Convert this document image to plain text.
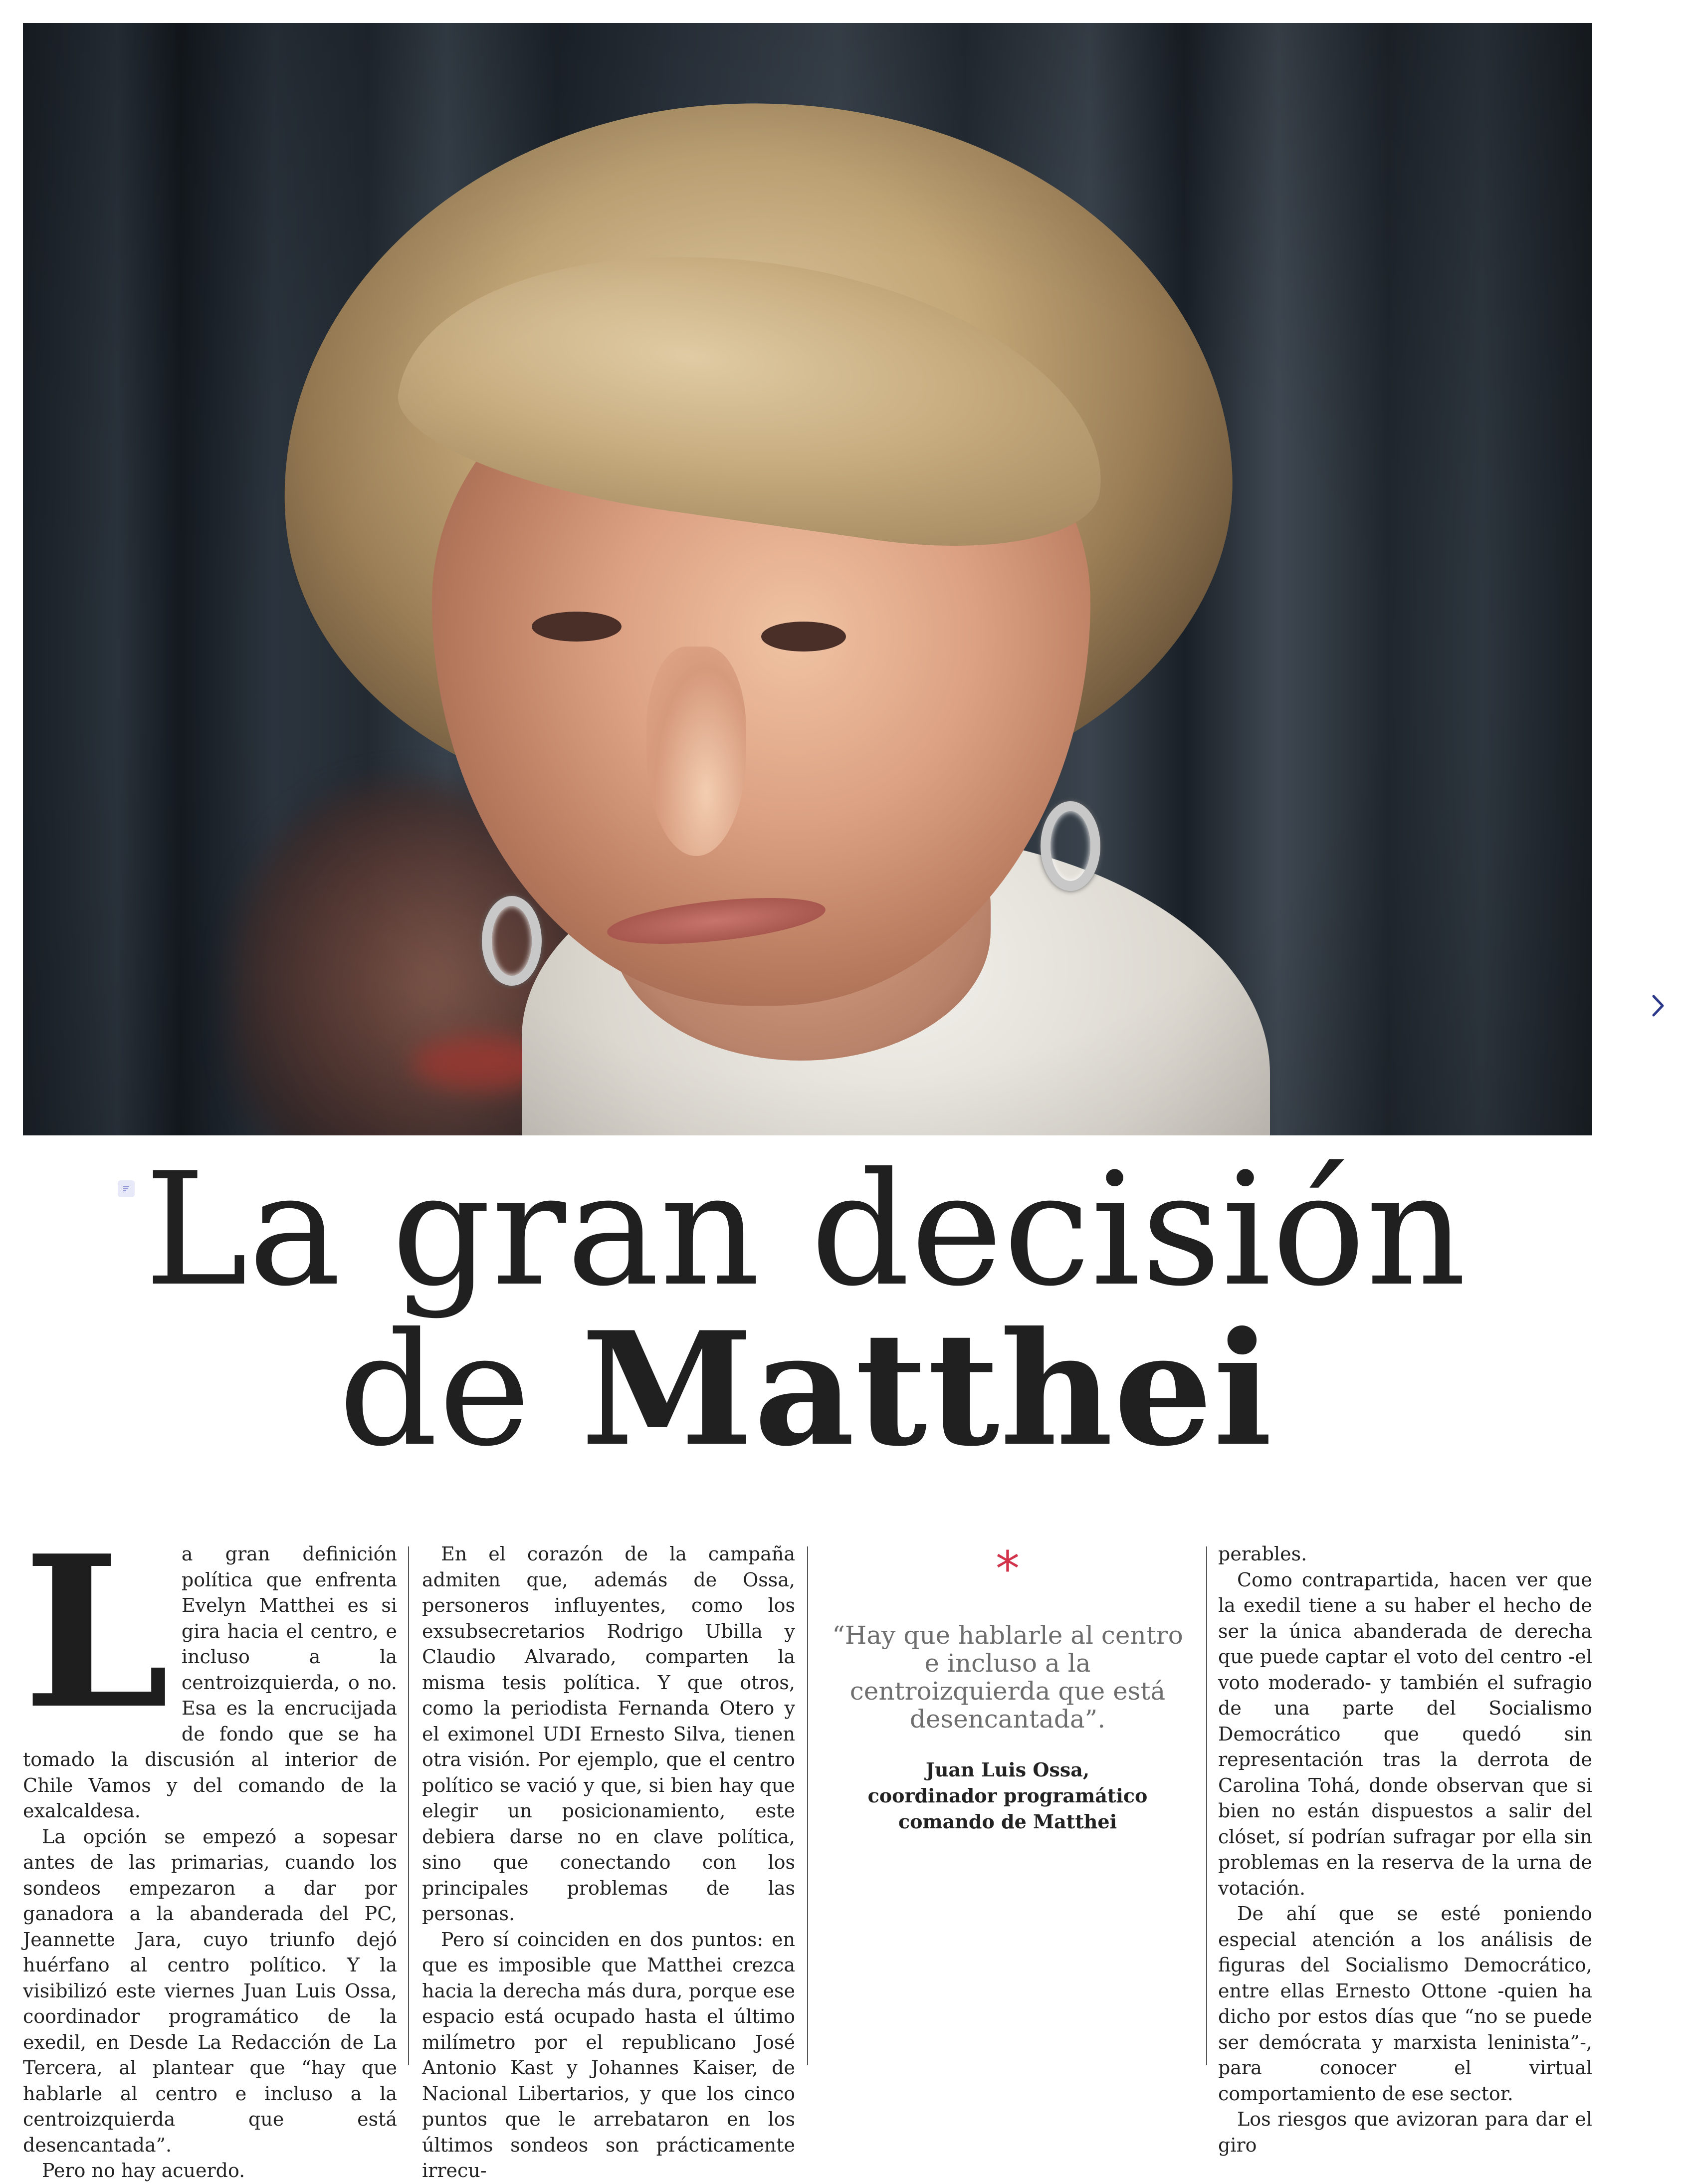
La gran decisión
de Matthei
L a gran definición política que enfrenta Evelyn Matthei es si gira hacia el centro, e incluso a la centroizquierda, o no. Esa es la encrucijada de fondo que se ha tomado la discusión al interior de Chile Vamos y del comando de la exalcaldesa.

La opción se empezó a sopesar antes de las primarias, cuando los sondeos empezaron a dar por ganadora a la abanderada del PC, Jeannette Jara, cuyo triunfo dejó huérfano al centro político. Y la visibilizó este viernes Juan Luis Ossa, coordinador programático de la exedil, en Desde La Redacción de La Tercera, al plantear que “hay que hablarle al centro e incluso a la centroizquierda que está desencantada”.

Pero no hay acuerdo.

En el corazón de la campaña admiten que, además de Ossa, personeros influyentes, como los exsubsecretarios Rodrigo Ubilla y Claudio Alvarado, comparten la misma tesis política. Y que otros, como la periodista Fernanda Otero y el eximonel UDI Ernesto Silva, tienen otra visión. Por ejemplo, que el centro político se vació y que, si bien hay que elegir un posicionamiento, este debiera darse no en clave política, sino que conectando con los principales problemas de las personas.

Pero sí coinciden en dos puntos: en que es imposible que Matthei crezca hacia la derecha más dura, porque ese espacio está ocupado hasta el último milímetro por el republicano José Antonio Kast y Johannes Kaiser, de Nacional Libertarios, y que los cinco puntos que le arrebataron en los últimos sondeos son prácticamente irrecu-

*
“Hay que hablarle al centro e incluso a la centroizquierda que está desencantada”.
Juan Luis Ossa,
coordinador programático
comando de Matthei

perables.

Como contrapartida, hacen ver que la exedil tiene a su haber el hecho de ser la única abanderada de derecha que puede captar el voto del centro -el voto moderado- y también el sufragio de una parte del Socialismo Democrático que quedó sin representación tras la derrota de Carolina Tohá, donde observan que si bien no están dispuestos a salir del clóset, sí podrían sufragar por ella sin problemas en la reserva de la urna de votación.

De ahí que se esté poniendo especial atención a los análisis de figuras del Socialismo Democrático, entre ellas Ernesto Ottone -quien ha dicho por estos días que “no se puede ser demócrata y marxista leninista”-, para conocer el virtual comportamiento de ese sector.

Los riesgos que avizoran para dar el giro
